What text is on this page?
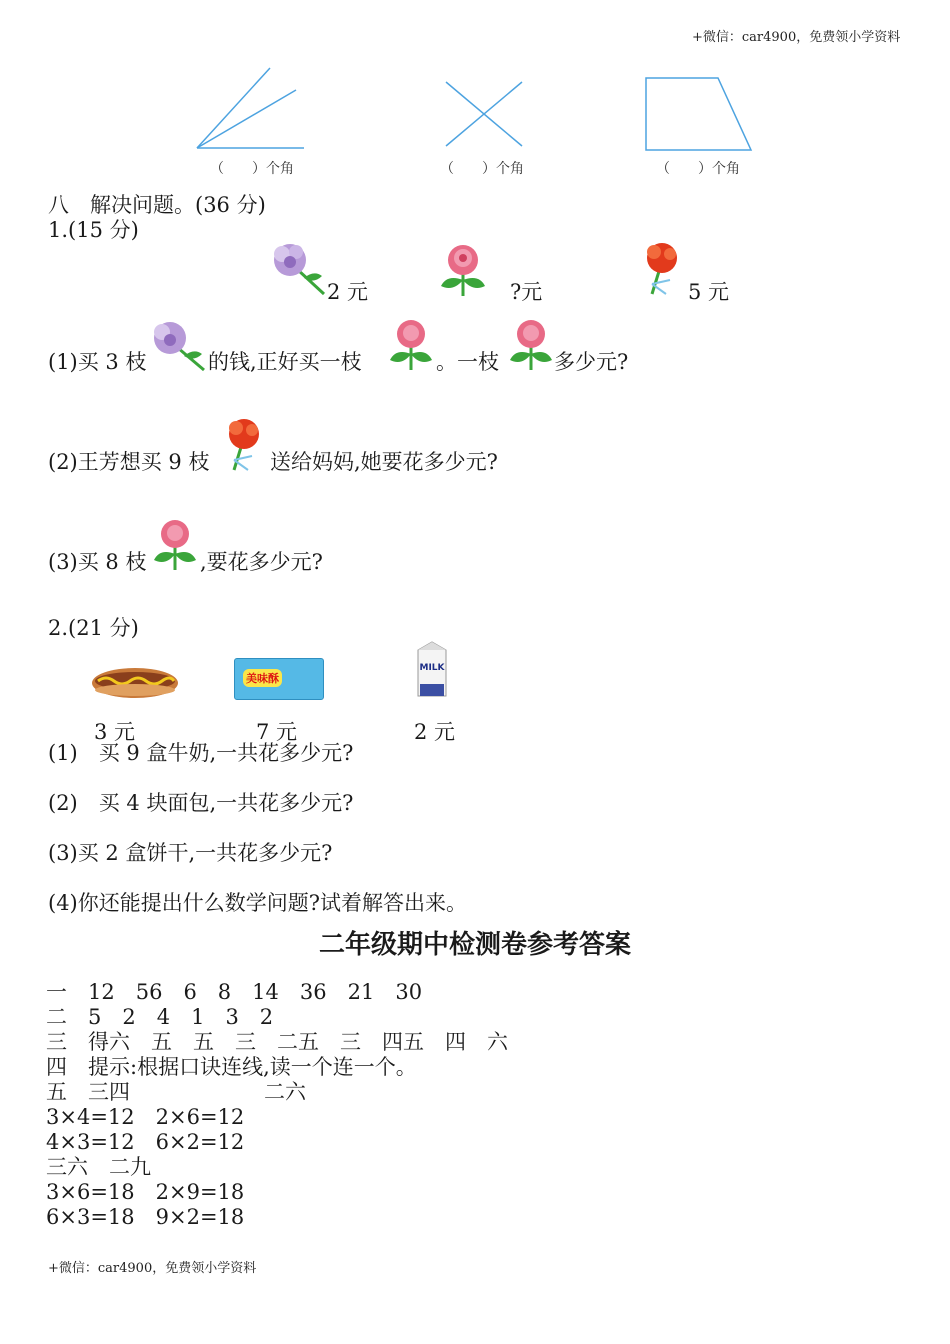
+微信：car4900，免费领小学资料
（　　）个角	（　　）个角	（　　）个角
八　解决问题。(36 分)
1.(15 分)
2 元	?元	5 元
(1)买 3 枝	的钱,正好买一枝	。一枝	多少元?
(2)王芳想买 9 枝	送给妈妈,她要花多少元?
(3)买 8 枝	,要花多少元?
2.(21 分)
3 元
美味酥
7 元
MILK
2 元
(1)　买 9 盒牛奶,一共花多少元?
(2)　买 4 块面包,一共花多少元?
(3)买 2 盒饼干,一共花多少元?
(4)你还能提出什么数学问题?试着解答出来。
二年级期中检测卷参考答案
一　12　56　6　8　14　36　21　30
二　5　2　4　1　3　2
三　得六　五　五　三　二五　三　四五　四　六
四　提示:根据口诀连线,读一个连一个。
五　三四	二六
3×4=12　2×6=12
4×3=12　6×2=12
三六　二九
3×6=18　2×9=18
6×3=18　9×2=18
+微信：car4900，免费领小学资料
